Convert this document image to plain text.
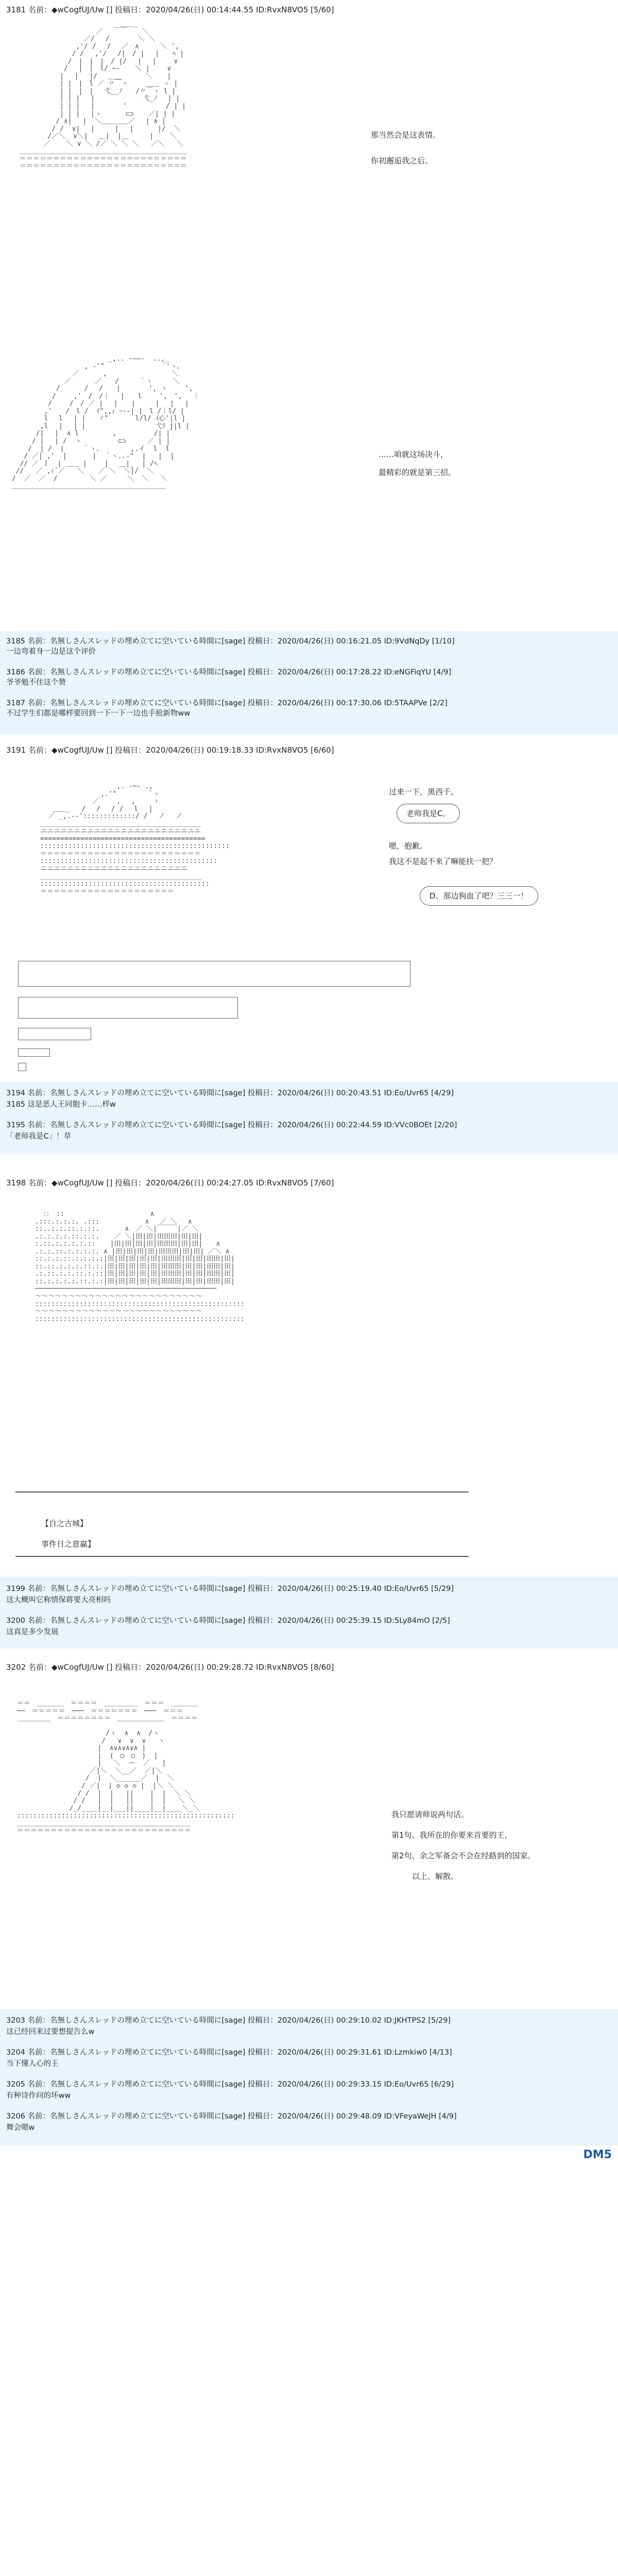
3181 名前：◆wCogfUJ/Uw [] 投稿日：2020/04/26(日) 00:14:44.55 ID:RvxN8VO5 [5/60]
＿＿_
／　 ￣￣　  ＼
／/　 /　　 　 ＼ ＼
,'/ /　 /　 ／　∧ 　　 ＼ ',
/ /　 ,'/ 　/|　/ |　 |　　ﾍ |
/　|　|　|　/ |/　 |　 |　　 ∨
/　 |　|　l/ ─‐ 　 ＼ |　　 ∨
|　 |　 |/　 ＿＿　　　 ＼ 　 |
| |　|　l ／ 〃￣ヽ　　 ＿＿ ヽ |
| |　|　|　 弋__ﾉ　　/〃￣ヽ l |
| | |　 |　　　　　 　 弋_ﾉ　 | |
| | |　 |　　 　 '　 　 　 　/ | |
| | | 　|ヽ　　　 ⊂⊃ 　 ／| | |
/ ∧|　 |  ＼＿＿＿＿／ 　| ∧ |
/ /  ∨|　 |　　　|　 |　　 　|/  ＼
/／＼  ∨＼|　 ＿|  |＿　　  |    ＼
／    ＼ ∨ ＼ /／ ＼ ＼ ＼   ／＼   ＼
＿＿＿＿＿＿＿＿＿＿＿＿＿＿＿＿＿＿＿＿＿＿＿＿＿
＝＝＝＝＝＝＝＝＝＝＝＝＝＝＝＝＝＝＝＝＝＝＝＝＝
＝＝＝＝＝＝＝＝＝＝＝＝＝＝＝＝＝＝＝＝＝＝＝＝＝
那当然会是这表情。
你初邂逅我之后。
_,.. -――-  ..,_
, ‐'"　　　　　　　　 `'ヽ、
／　　　 ,　 　 　  　 　　 ＼
／　　　 ／　　/　　　｀ヽ　　　＼
/　　　 /　 /　　| 　　　 ', ヽ 　　',
/　　 ,'　/　/｜ 　|　　l　　 ',　',　 ｜
/　　 /　/ ／ |　 |　　|　　　|　 |　 |
,'　　/　l /  ｲ",,ｨ ｰ‐‐| |　l /｜l/ |
l　 l 　| |   ゞ"   　  l/l/ ｲ心'|l |
,l　 |　 | |　　      　　 　  弋ﾘ j|l |
/|　 |  ∧ l　　　　　,　　　　　 /| |
/ |　 | /  ヽ　　　    ⊂⊃ 　　 ／ | |
/  | /  | 　  ｀ヽ、　　　　 ,.イ  l  l
/ ／| ,'  |　　   |  ｀ヽ..‐"  |   |  |
// ／ ｌ  | ＿＿ |　 　|　 ＿|_  | /ﾍ
//   ／ ,ｨ´／   ＼ 　 ／ ＼  ＼|/  ＼
/  ／  ／  /        ＼ ／     ＼  ＼   ＼
＿＿＿＿＿＿＿＿＿＿＿＿＿＿＿＿＿＿＿＿＿＿＿

……咱就这场决斗，
最精彩的就是第三招。
3185 名前：名無しさんスレッドの埋め立てに空いている時間に[sage] 投稿日：2020/04/26(日) 00:16:21.05 ID:9VdNqDy [1/10]
一边弯着身一边是这个评价
3186 名前：名無しさんスレッドの埋め立てに空いている時間に[sage] 投稿日：2020/04/26(日) 00:17:28.22 ID:eNGFiqYU [4/9]
爷爷勉不住这个赞
3187 名前：名無しさんスレッドの埋め立てに空いている時間に[sage] 投稿日：2020/04/26(日) 00:17:30.06 ID:5TAAPVe [2/2]
不过学生们都是哪样要回到一下一下一边也手抢新物ww
3191 名前：◆wCogfUJ/Uw [] 投稿日：2020/04/26(日) 00:19:18.33 ID:RvxN8VO5 [6/60]
,. -─- .,
,.'"　 　 　 `ヽ
／　　 ,　 ,　　 ヽ
＿＿_   /　 /　 / /　 l　 |
／ _,.-‐':::::::::::::/ /　 ノ　 ノ
＿＿＿＿＿＿＿＿＿＿＿＿＿＿＿＿＿＿＿＿＿＿＿＿
ニニニニニニニニニニニニニニニニニニニニニニニニ
=========================================
:::::::::::::::::::::::::::::::::::::::::::::::
＝＝＝＝＝＝＝＝＝＝＝＝＝＝＝＝＝＝＝＝＝＝＝＝
::::::::::::::::::::::::::::::::::::::::::::
ニニニニニニニニニニニニニニニニニニニニニニ
________________________________________
::::::::::::::::::::::::::::::::::::::::::
＝＝＝＝＝＝＝＝＝＝＝＝＝＝＝＝＝＝＝＝
过来一下，黑西千。
老师我是C。
嗯，抱歉。
我这不是起不来了嘛能扶一把？
D、那边狗血了吧？三三一！
3194 名前：名無しさんスレッドの埋め立てに空いている時間に[sage] 投稿日：2020/04/26(日) 00:20:43.51 ID:Eo/Uvr65 [4/29]
3185 这是恶人王同胞卡……样w
3195 名前：名無しさんスレッドの埋め立てに空いている時間に[sage] 投稿日：2020/04/26(日) 00:22:44.59 ID:VVc0BOEt [2/20]
「老师我是C」！草
3198 名前：◆wCogfUJ/Uw [] 投稿日：2020/04/26(日) 00:24:27.05 ID:RvxN8VO5 [7/60]
：：　:: 　 　　　　　　　　　　 ∧
.:::.:.:.:. .:::  　　　　　 ∧　 ／ ＼　 ∧
::..:.:.::.:.::.  　　 ∧　／ ＼|￣￣￣|／ ＼
.:.:.:.:.::.:.:. 　 ／ ＼|田|田|田田田|田|田|
:.::.:.:.:.:.::  　|田|田|田|田|田田田|田|田|　　∧
.:.:.::.:.:.:.:. ∧ |田|田|田|田|田田田|田|田| ／＼ ∧
::.:.:.::.:.:.:.:|田|田|田|田|田|田田田|田|田|田田|田|
::.::.:.:.:.::.:.|田|田|田|田|田|田田田|田|田|田田|田|
.:.::.:.:.::.:.::|田|田|田|田|田|田田田|田|田|田田|田|
::.:.:.:.:.::.:.:|田|田|田|田|田|田田田|田|田|田田|田|
─────────────────────────────────────────────
～～～～～～～～～～～～～～～～～～～～～～～～～
::::::::::::::::::::::::::::::::::::::::::::::::::::
～～～～～～～～～～～～～～～～～～～～～～～～～
::::::::::::::::::::::::::::::::::::::::::::::::::::
【自之古城】
事件日之意赢】
3199 名前：名無しさんスレッドの埋め立てに空いている時間に[sage] 投稿日：2020/04/26(日) 00:25:19.40 ID:Eo/Uvr65 [5/29]
这大概叫它称情保蒋要大亮相吗
3200 名前：名無しさんスレッドの埋め立てに空いている時間に[sage] 投稿日：2020/04/26(日) 00:25:39.15 ID:5Ly84mO [2/5]
这真是多少发展
3202 名前：◆wCogfUJ/Uw [] 投稿日：2020/04/26(日) 00:29:28.72 ID:RvxN8VO5 [8/60]
＝＝　＿＿＿＿　＝＝＝＝　＿＿＿＿＿　＝＝＝　＿＿＿＿
──　＝＝＝＝＝　───　＝＝＝＝＝＝＝　───　＝＝＝
＿＿＿＿＿　＝＝＝＝＝＝＝＝　＿＿＿＿＿＿＿　＝＝＝＝

/ヽ  ∧  ∧  /ヽ
/   ∨  ∨  ∨   ヽ
|  ∧∨∧∨∧∨∧ |
|  (　○　○　)  |
|   ＼  ー  ／   |
／|＼  ＼__／  ／|＼
/  |  ＼______／  |  ＼
/ ／|  | ◇ ◇ ◇ |  |＼ ＼
/ /  |  |   ||    |  |  ＼ ＼
/ /   |  |   ||    |  |   ＼ ＼
/_/____|__|___||____|__|____＼_＼
::::::::::::::::::::::::::::::::::::::::::::::::::::::
＿＿＿＿＿＿＿＿＿＿＿＿＿＿＿＿＿＿＿＿＿＿＿＿＿＿
＝＝＝＝＝＝＝＝＝＝＝＝＝＝＝＝＝＝＝＝＝＝＝＝＝＝
我只愿请师说两句话。
第1句、我所在的你要来首要的王，
第2句、余之军备会不会在经路到的国家。
以上、解散。
3203 名前：名無しさんスレッドの埋め立てに空いている時間に[sage] 投稿日：2020/04/26(日) 00:29:10.02 ID:JKHTPS2 [5/29]
这已经回来过要想提告么w
3204 名前：名無しさんスレッドの埋め立てに空いている時間に[sage] 投稿日：2020/04/26(日) 00:29:31.61 ID:Lzmkiw0 [4/13]
当下懂人心的王
3205 名前：名無しさんスレッドの埋め立てに空いている時間に[sage] 投稿日：2020/04/26(日) 00:29:33.15 ID:Eo/Uvr65 [6/29]
有种诗作问的坏ww
3206 名前：名無しさんスレッドの埋め立てに空いている時間に[sage] 投稿日：2020/04/26(日) 00:29:48.09 ID:VFeyaWeJH [4/9]
舞会嗯w
DM5
